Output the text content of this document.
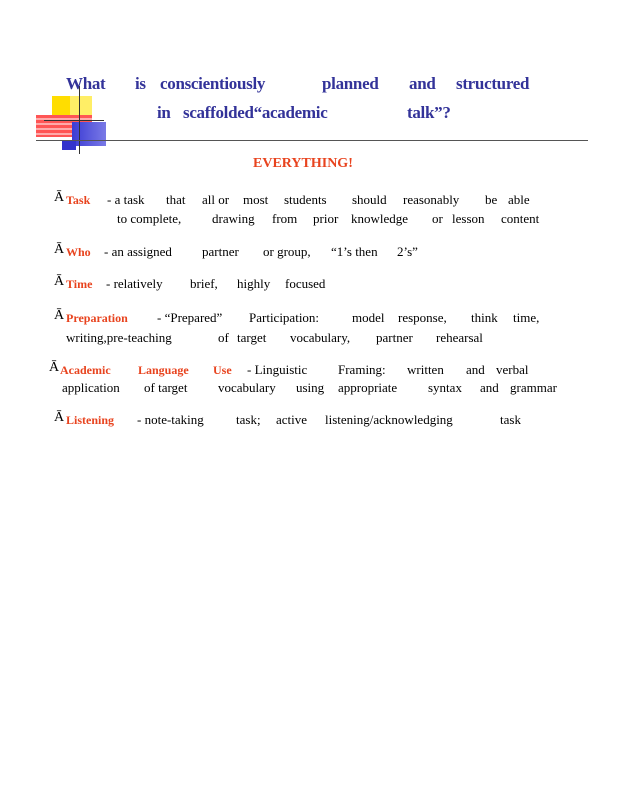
What is conscientiously	planned and structured
in scaffolded“academic	talk”?
EVERYTHING!
Ā Task - a task that all or most students should reasonably be able
to complete, drawing from prior knowledge or lesson content
Ā Who - an assigned partner or group, “1’s then 2’s”
Ā Time - relatively brief, highly focused
Ā Preparation - “Prepared” Participation:	model response, think time,
writing,pre-teaching	of target vocabulary, partner rehearsal
Ā Academic Language Use - Linguistic Framing: written and verbal
application of target vocabulary using appropriate syntax and grammar
Ā Listening - note-taking task; active listening/acknowledging	task
